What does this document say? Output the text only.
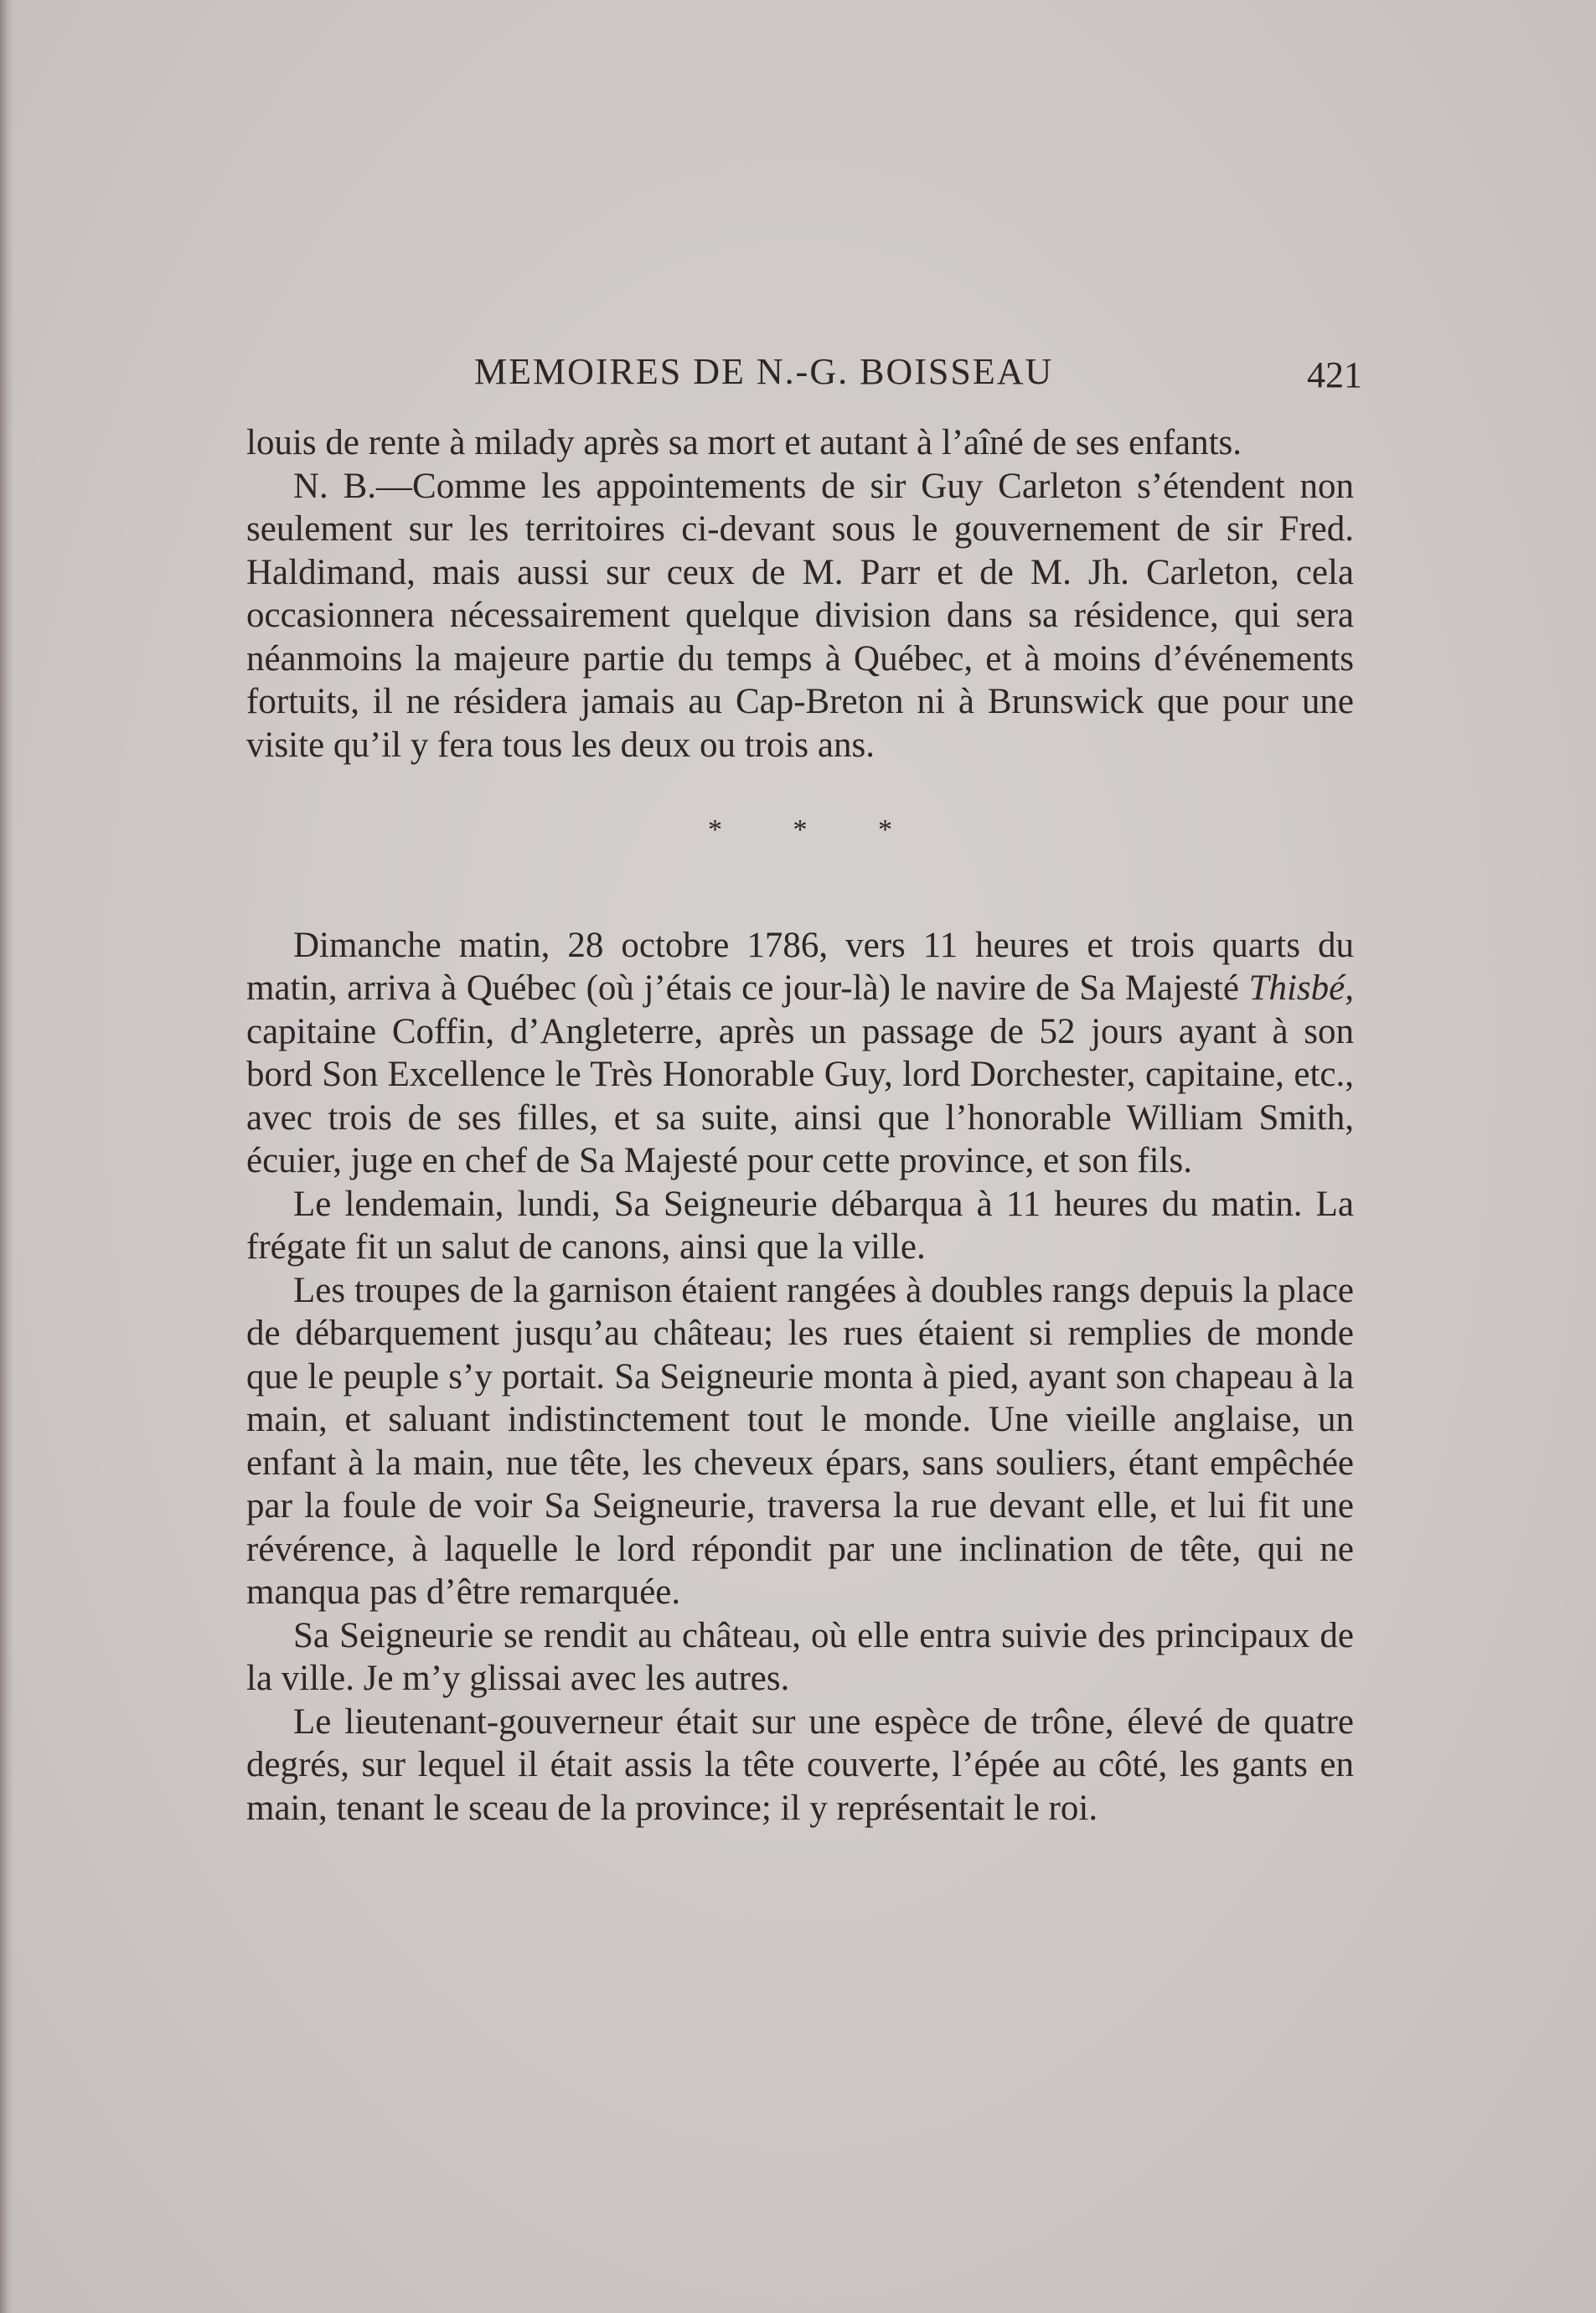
MEMOIRES DE N.-G. BOISSEAU	421

louis de rente à milady après sa mort et autant à l’aîné de ses enfants.

N. B.—Comme les appointements de sir Guy Carleton s’étendent non seulement sur les territoires ci-devant sous le gouvernement de sir Fred. Haldimand, mais aussi sur ceux de M. Parr et de M. Jh. Carleton, cela occasionnera nécessairement quelque division dans sa résidence, qui sera néanmoins la majeure partie du temps à Québec, et à moins d’événements fortuits, il ne résidera jamais au Cap-Breton ni à Brunswick que pour une visite qu’il y fera tous les deux ou trois ans.

* * *

Dimanche matin, 28 octobre 1786, vers 11 heures et trois quarts du matin, arriva à Québec (où j’étais ce jour-là) le navire de Sa Majesté Thisbé, capitaine Coffin, d’Angleterre, après un passage de 52 jours ayant à son bord Son Excellence le Très Honorable Guy, lord Dorchester, capitaine, etc., avec trois de ses filles, et sa suite, ainsi que l’honorable William Smith, écuier, juge en chef de Sa Majesté pour cette province, et son fils.

Le lendemain, lundi, Sa Seigneurie débarqua à 11 heures du matin. La frégate fit un salut de canons, ainsi que la ville.

Les troupes de la garnison étaient rangées à doubles rangs depuis la place de débarquement jusqu’au château; les rues étaient si remplies de monde que le peuple s’y portait. Sa Seigneurie monta à pied, ayant son chapeau à la main, et saluant indistinctement tout le monde. Une vieille anglaise, un enfant à la main, nue tête, les cheveux épars, sans souliers, étant empêchée par la foule de voir Sa Seigneurie, traversa la rue devant elle, et lui fit une révérence, à laquelle le lord répondit par une inclination de tête, qui ne manqua pas d’être remarquée.

Sa Seigneurie se rendit au château, où elle entra suivie des principaux de la ville. Je m’y glissai avec les autres.

Le lieutenant-gouverneur était sur une espèce de trône, élevé de quatre degrés, sur lequel il était assis la tête couverte, l’épée au côté, les gants en main, tenant le sceau de la province; il y représentait le roi.
